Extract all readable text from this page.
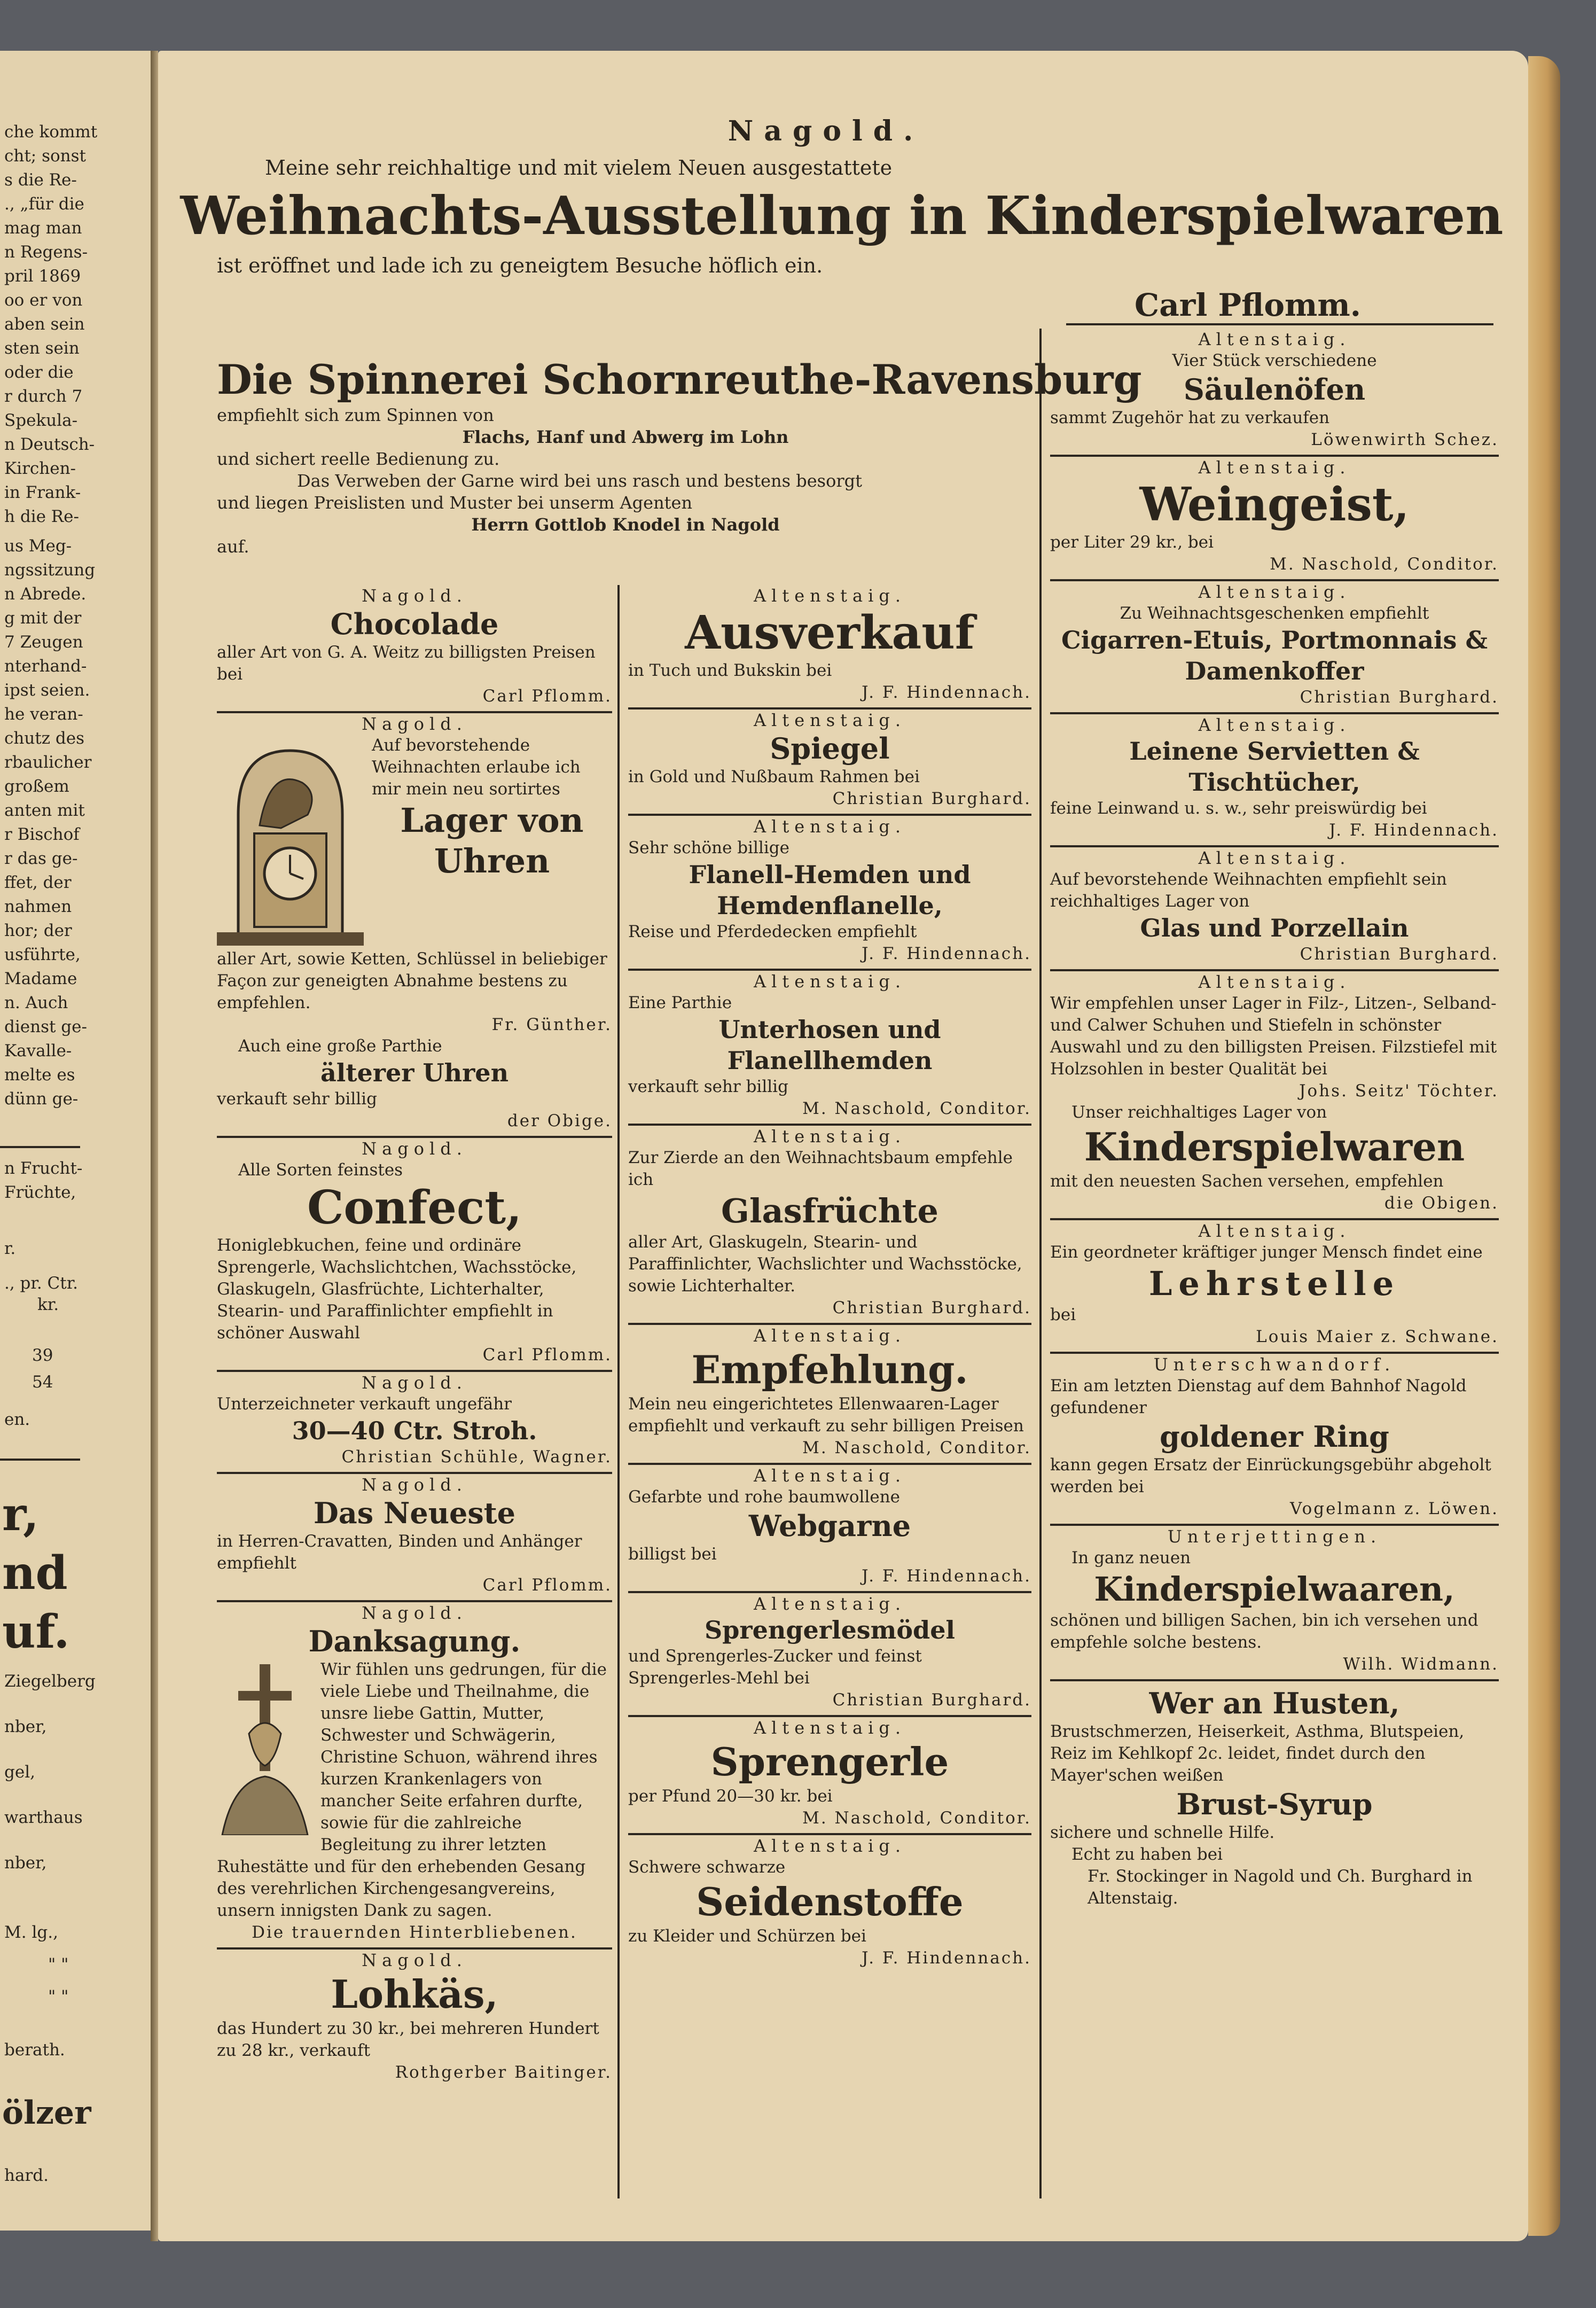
che kommt
cht; sonst
s die Re-
., „für die
mag man
n Regens-
pril 1869
oo er von
aben sein
sten sein
oder die
r durch 7
Spekula-
n Deutsch-
Kirchen-
in Frank-
h die Re-
us Meg-
ngssitzung
n Abrede.
g mit der
7 Zeugen
nterhand-
ipst seien.
he veran-
chutz des
rbaulicher
großem
anten mit
r Bischof
r das ge-
ffet, der
nahmen
hor; der
usführte,
Madame
n. Auch
dienst ge-
Kavalle-
melte es
dünn ge-
n Frucht-
Früchte,
r.
., pr. Ctr.
kr.
39
54
en.
r,
nd
uf.
Ziegelberg
nber,
gel,
warthaus
nber,
M. lg.,
" "
" "
berath.
ölzer
hard.
Nagold.
Meine sehr reichhaltige und mit vielem Neuen ausgestattete
Weihnachts-Ausstellung in Kinderspielwaren
ist eröffnet und lade ich zu geneigtem Besuche höflich ein.
Carl Pflomm.
Die Spinnerei Schornreuthe-Ravensburg
empfiehlt sich zum Spinnen von
Flachs, Hanf und Abwerg im Lohn
und sichert reelle Bedienung zu.
Das Verweben der Garne wird bei uns rasch und bestens besorgt
und liegen Preislisten und Muster bei unserm Agenten
Herrn Gottlob Knodel in Nagold
auf.
Nagold.
Chocolade
aller Art von G. A. Weitz zu billigsten Preisen bei
Carl Pflomm.
Nagold.
Auf bevorstehende Weihnachten erlaube ich mir mein neu sortirtes
Lager von Uhren
aller Art, sowie Ketten, Schlüssel in beliebiger Façon zur geneigten Abnahme bestens zu empfehlen.
Fr. Günther.
Auch eine große Parthie
älterer Uhren
verkauft sehr billig
der Obige.
Nagold.
Alle Sorten feinstes
Confect,
Honiglebkuchen, feine und ordinäre Sprengerle, Wachslichtchen, Wachsstöcke, Glaskugeln, Glasfrüchte, Lichterhalter, Stearin- und Paraffinlichter empfiehlt in schöner Auswahl
Carl Pflomm.
Nagold.
Unterzeichneter verkauft ungefähr
30—40 Ctr. Stroh.
Christian Schühle, Wagner.
Nagold.
Das Neueste
in Herren-Cravatten, Binden und Anhänger empfiehlt
Carl Pflomm.
Nagold.
Danksagung.
Wir fühlen uns gedrungen, für die viele Liebe und Theilnahme, die unsre liebe Gattin, Mutter, Schwester und Schwägerin, Christine Schuon, während ihres kurzen Krankenlagers von mancher Seite erfahren durfte, sowie für die zahlreiche Begleitung zu ihrer letzten Ruhestätte und für den erhebenden Gesang des verehrlichen Kirchengesangvereins, unsern innigsten Dank zu sagen.
Die trauernden Hinterbliebenen.
Nagold.
Lohkäs,
das Hundert zu 30 kr., bei mehreren Hundert zu 28 kr., verkauft
Rothgerber Baitinger.
Altenstaig.
Ausverkauf
in Tuch und Bukskin bei
J. F. Hindennach.
Altenstaig.
Spiegel
in Gold und Nußbaum Rahmen bei
Christian Burghard.
Altenstaig.
Sehr schöne billige
Flanell-Hemden und Hemdenflanelle,
Reise und Pferdedecken empfiehlt
J. F. Hindennach.
Altenstaig.
Eine Parthie
Unterhosen und Flanellhemden
verkauft sehr billig
M. Naschold, Conditor.
Altenstaig.
Zur Zierde an den Weihnachtsbaum empfehle ich
Glasfrüchte
aller Art, Glaskugeln, Stearin- und Paraffinlichter, Wachslichter und Wachsstöcke, sowie Lichterhalter.
Christian Burghard.
Altenstaig.
Empfehlung.
Mein neu eingerichtetes Ellenwaaren-Lager empfiehlt und verkauft zu sehr billigen Preisen
M. Naschold, Conditor.
Altenstaig.
Gefarbte und rohe baumwollene
Webgarne
billigst bei
J. F. Hindennach.
Altenstaig.
Sprengerlesmödel
und Sprengerles-Zucker und feinst Sprengerles-Mehl bei
Christian Burghard.
Altenstaig.
Sprengerle
per Pfund 20—30 kr. bei
M. Naschold, Conditor.
Altenstaig.
Schwere schwarze
Seidenstoffe
zu Kleider und Schürzen bei
J. F. Hindennach.
Altenstaig.
Vier Stück verschiedene
Säulenöfen
sammt Zugehör hat zu verkaufen
Löwenwirth Schez.
Altenstaig.
Weingeist,
per Liter 29 kr., bei
M. Naschold, Conditor.
Altenstaig.
Zu Weihnachtsgeschenken empfiehlt
Cigarren-Etuis, Portmonnais & Damenkoffer
Christian Burghard.
Altenstaig.
Leinene Servietten & Tischtücher,
feine Leinwand u. s. w., sehr preiswürdig bei
J. F. Hindennach.
Altenstaig.
Auf bevorstehende Weihnachten empfiehlt sein reichhaltiges Lager von
Glas und Porzellain
Christian Burghard.
Altenstaig.
Wir empfehlen unser Lager in Filz-, Litzen-, Selband- und Calwer Schuhen und Stiefeln in schönster Auswahl und zu den billigsten Preisen. Filzstiefel mit Holzsohlen in bester Qualität bei
Johs. Seitz' Töchter.
Unser reichhaltiges Lager von
Kinderspielwaren
mit den neuesten Sachen versehen, empfehlen
die Obigen.
Altenstaig.
Ein geordneter kräftiger junger Mensch findet eine
Lehrstelle
bei
Louis Maier z. Schwane.
Unterschwandorf.
Ein am letzten Dienstag auf dem Bahnhof Nagold gefundener
goldener Ring
kann gegen Ersatz der Einrückungsgebühr abgeholt werden bei
Vogelmann z. Löwen.
Unterjettingen.
In ganz neuen
Kinderspielwaaren,
schönen und billigen Sachen, bin ich versehen und empfehle solche bestens.
Wilh. Widmann.
Wer an Husten,
Brustschmerzen, Heiserkeit, Asthma, Blutspeien, Reiz im Kehlkopf 2c. leidet, findet durch den Mayer'schen weißen
Brust-Syrup
sichere und schnelle Hilfe.
Echt zu haben bei
Fr. Stockinger in Nagold und Ch. Burghard in Altenstaig.
